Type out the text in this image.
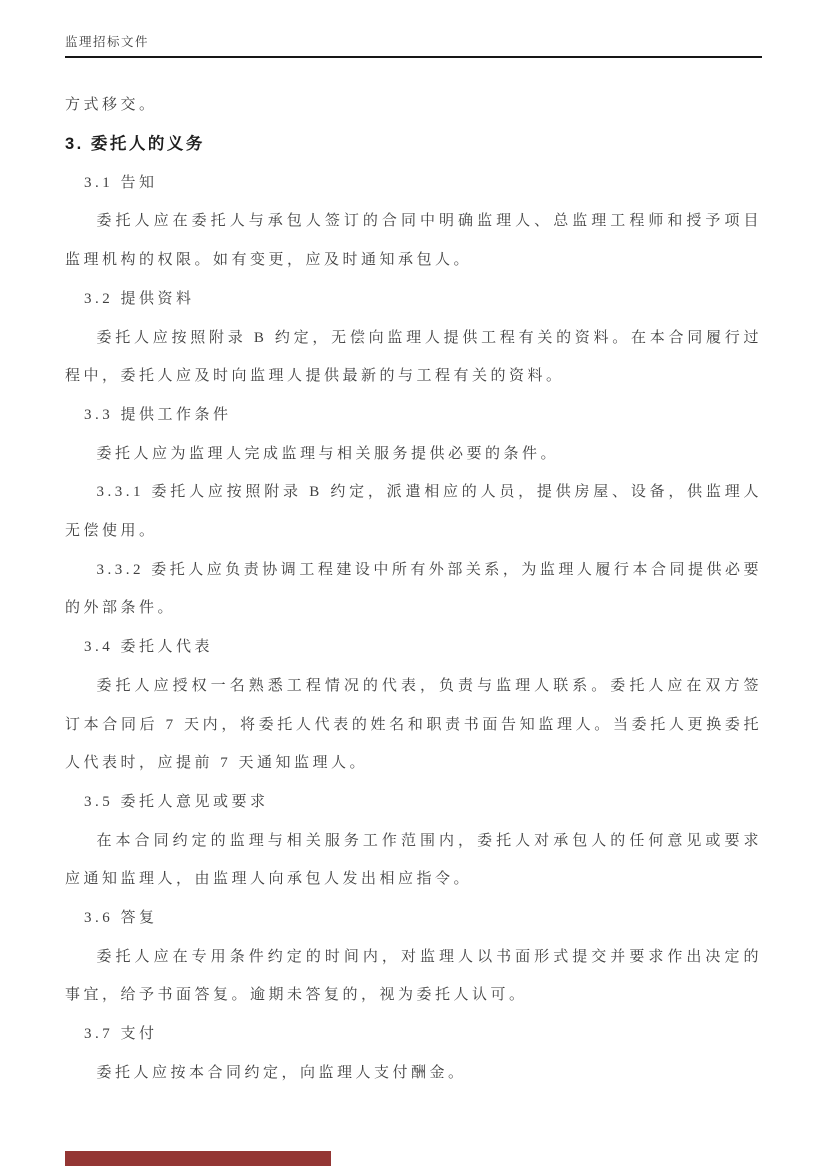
监理招标文件
方式移交。
3. 委托人的义务
3.1 告知
委托人应在委托人与承包人签订的合同中明确监理人、总监理工程师和授予项目监理机构的权限。如有变更，应及时通知承包人。
3.2 提供资料
委托人应按照附录 B 约定，无偿向监理人提供工程有关的资料。在本合同履行过程中，委托人应及时向监理人提供最新的与工程有关的资料。
3.3 提供工作条件
委托人应为监理人完成监理与相关服务提供必要的条件。
3.3.1 委托人应按照附录 B 约定，派遣相应的人员，提供房屋、设备，供监理人无偿使用。
3.3.2 委托人应负责协调工程建设中所有外部关系，为监理人履行本合同提供必要的外部条件。
3.4 委托人代表
委托人应授权一名熟悉工程情况的代表，负责与监理人联系。委托人应在双方签订本合同后 7 天内，将委托人代表的姓名和职责书面告知监理人。当委托人更换委托人代表时，应提前 7 天通知监理人。
3.5 委托人意见或要求
在本合同约定的监理与相关服务工作范围内，委托人对承包人的任何意见或要求应通知监理人，由监理人向承包人发出相应指令。
3.6 答复
委托人应在专用条件约定的时间内，对监理人以书面形式提交并要求作出决定的事宜，给予书面答复。逾期未答复的，视为委托人认可。
3.7 支付
委托人应按本合同约定，向监理人支付酬金。
